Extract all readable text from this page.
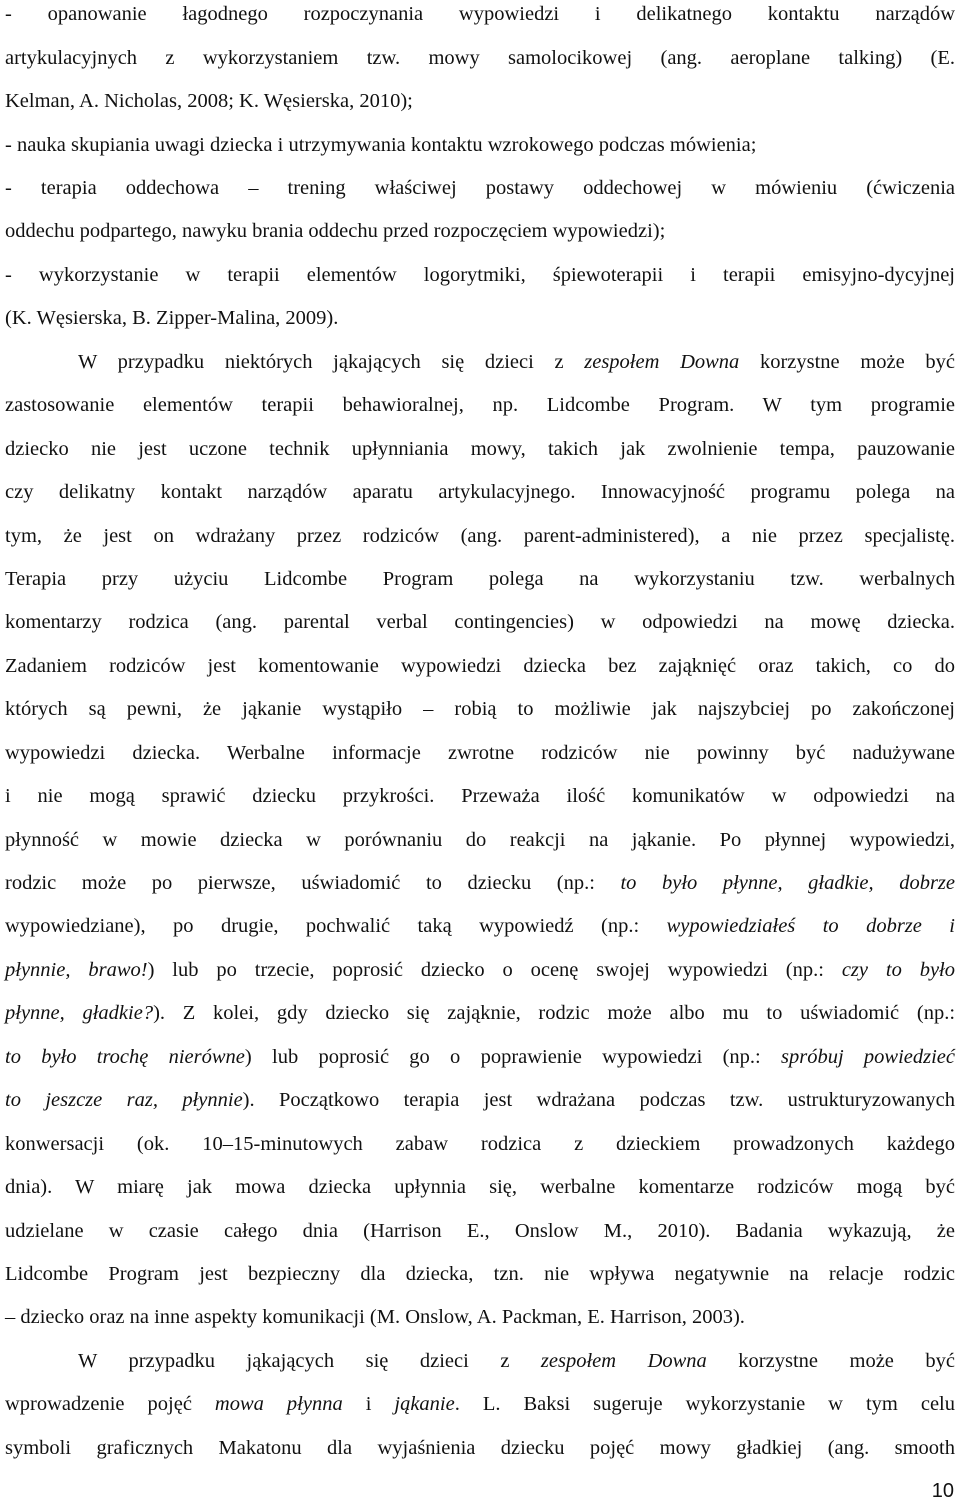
- opanowanie łagodnego rozpoczynania wypowiedzi i delikatnego kontaktu narządów
artykulacyjnych z wykorzystaniem tzw. mowy samolocikowej (ang. aeroplane talking) (E.
Kelman, A. Nicholas, 2008; K. Węsierska, 2010);
- nauka skupiania uwagi dziecka i utrzymywania kontaktu wzrokowego podczas mówienia;
- terapia oddechowa – trening właściwej postawy oddechowej w mówieniu (ćwiczenia
oddechu podpartego, nawyku brania oddechu przed rozpoczęciem wypowiedzi);
- wykorzystanie w terapii elementów logorytmiki, śpiewoterapii i terapii emisyjno-dycyjnej
(K. Węsierska, B. Zipper-Malina, 2009).
W przypadku niektórych jąkających się dzieci z zespołem Downa korzystne może być
zastosowanie elementów terapii behawioralnej, np. Lidcombe Program. W tym programie
dziecko nie jest uczone technik upłynniania mowy, takich jak zwolnienie tempa, pauzowanie
czy delikatny kontakt narządów aparatu artykulacyjnego. Innowacyjność programu polega na
tym, że jest on wdrażany przez rodziców (ang. parent-administered), a nie przez specjalistę.
Terapia przy użyciu Lidcombe Program polega na wykorzystaniu tzw. werbalnych
komentarzy rodzica (ang. parental verbal contingencies) w odpowiedzi na mowę dziecka.
Zadaniem rodziców jest komentowanie wypowiedzi dziecka bez zająknięć oraz takich, co do
których są pewni, że jąkanie wystąpiło – robią to możliwie jak najszybciej po zakończonej
wypowiedzi dziecka. Werbalne informacje zwrotne rodziców nie powinny być nadużywane
i nie mogą sprawić dziecku przykrości. Przeważa ilość komunikatów w odpowiedzi na
płynność w mowie dziecka w porównaniu do reakcji na jąkanie. Po płynnej wypowiedzi,
rodzic może po pierwsze, uświadomić to dziecku (np.: to było płynne, gładkie, dobrze
wypowiedziane), po drugie, pochwalić taką wypowiedź (np.: wypowiedziałeś to dobrze i
płynnie, brawo!) lub po trzecie, poprosić dziecko o ocenę swojej wypowiedzi (np.: czy to było
płynne, gładkie?). Z kolei, gdy dziecko się zająknie, rodzic może albo mu to uświadomić (np.:
to było trochę nierówne) lub poprosić go o poprawienie wypowiedzi (np.: spróbuj powiedzieć
to jeszcze raz, płynnie). Początkowo terapia jest wdrażana podczas tzw. ustrukturyzowanych
konwersacji (ok. 10–15-minutowych zabaw rodzica z dzieckiem prowadzonych każdego
dnia). W miarę jak mowa dziecka upłynnia się, werbalne komentarze rodziców mogą być
udzielane w czasie całego dnia (Harrison E., Onslow M., 2010). Badania wykazują, że
Lidcombe Program jest bezpieczny dla dziecka, tzn. nie wpływa negatywnie na relacje rodzic
– dziecko oraz na inne aspekty komunikacji (M. Onslow, A. Packman, E. Harrison, 2003).
W przypadku jąkających się dzieci z zespołem Downa korzystne może być
wprowadzenie pojęć mowa płynna i jąkanie. L. Baksi sugeruje wykorzystanie w tym celu
symboli graficznych Makatonu dla wyjaśnienia dziecku pojęć mowy gładkiej (ang. smooth
10
